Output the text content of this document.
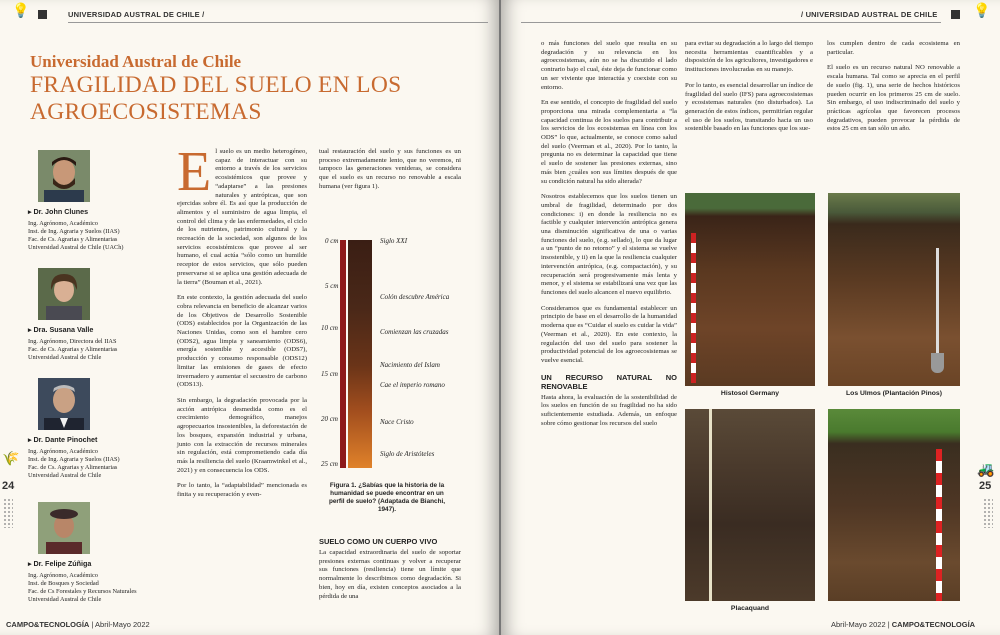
💡	UNIVERSIDAD AUSTRAL DE CHILE /
Universidad Austral de Chile
FRAGILIDAD DEL SUELO EN LOS AGROECOSISTEMAS
▸ Dr. John Clunes
Ing. Agrónomo, Académico
Inst. de Ing. Agraria y Suelos (IIAS)
Fac. de Cs. Agrarias y Alimentarias
Universidad Austral de Chile (UACh)
▸ Dra. Susana Valle
Ing. Agrónomo, Directora del IIAS
Fac. de Cs. Agrarias y Alimentarias
Universidad Austral de Chile
▸ Dr. Dante Pinochet
Ing. Agrónomo, Académico
Inst. de Ing. Agraria y Suelos (IIAS)
Fac. de Cs. Agrarias y Alimentarias
Universidad Austral de Chile
▸ Dr. Felipe Zúñiga
Ing. Agrónomo, Académico
Inst. de Bosques y Sociedad
Fac. de Cs Forestales y Recursos Naturales
Universidad Austral de Chile

El suelo es un medio heterogéneo, capaz de interactuar con su entorno a través de los servicios ecosistémicos que provee y “adaptarse” a las presiones naturales y antrópicas, que son ejercidas sobre él. Es así que la producción de alimentos y el suministro de agua limpia, el control del clima y de las enfermedades, el ciclo de los nutrientes, patrimonio cultural y la recreación de la sociedad, son algunos de los servicios ecosistémicos que provee al ser humano, el cual actúa “sólo como un humilde receptor de estos servicios, que sólo pueden preservarse si se aplica una gestión adecuada de la tierra” (Bouman et al., 2021).

En este contexto, la gestión adecuada del suelo cobra relevancia en beneficio de alcanzar varios de los Objetivos de Desarrollo Sostenible (ODS) establecidos por la Organización de las Naciones Unidas, como son el hambre cero (ODS2), agua limpia y saneamiento (ODS6), energía sostenible y accesible (ODS7), producción y consumo responsable (ODS12) limitar las emisiones de gases de efecto invernadero y aumentar el secuestro de carbono (ODS13).

Sin embargo, la degradación provocada por la acción antrópica desmedida como es el crecimiento demográfico, manejos agropecuarios insostenibles, la deforestación de los bosques, expansión industrial y urbana, junto con la extracción de recursos minerales sin regulación, está comprometiendo cada día más la resiliencia del suelo (Kraamwinkel et al., 2021) y en consecuencia los ODS.

Por lo tanto, la “adaptabilidad” mencionada es finita y su recuperación y even-

tual restauración del suelo y sus funciones es un proceso extremadamente lento, que no veremos, ni tampoco las generaciones venideras, se considera que el suelo es un recurso no renovable a escala humana (ver figura 1).

0 cm
5 cm
10 cm
15 cm
20 cm
25 cm
Siglo XXI
Colón descubre América
Comienzan las cruzadas
Nacimiento del Islam
Cae el imperio romano
Nace Cristo
Siglo de Aristóteles
Figura 1. ¿Sabías que la historia de la humanidad se puede encontrar en un perfil de suelo? (Adaptada de Bianchi, 1947).
SUELO COMO UN CUERPO VIVO

La capacidad extraordinaria del suelo de soportar presiones externas continuas y volver a recuperar sus funciones (resiliencia) tiene un límite que normalmente lo describimos como degradación. Si bien, hoy en día, existen conceptos asociados a la pérdida de una

🌾
24
CAMPO&TECNOLOGÍA | Abril-Mayo 2022
/ UNIVERSIDAD AUSTRAL DE CHILE	💡

o más funciones del suelo que resulta en su degradación y su relevancia en los agroecosistemas, aún no se ha discutido el lado contrario bajo el cual, éste deja de funcionar como un ser viviente que interactúa y coexiste con su entorno.

En ese sentido, el concepto de fragilidad del suelo proporciona una mirada complementaria a “la capacidad continua de los suelos para contribuir a los servicios de los ecosistemas en línea con los ODS” lo que, actualmente, se conoce como salud del suelo (Veerman et al., 2020). Por lo tanto, la pregunta no es determinar la capacidad que tiene el suelo de sostener las presiones externas, sino más bien ¿cuáles son sus límites después de que su condición natural ha sido alterada?

Nosotros establecemos que los suelos tienen un umbral de fragilidad, determinado por dos condiciones: i) en donde la resiliencia no es factible y cualquier intervención antrópica genera una disminución significativa de una o varias funciones del suelo, (e.g. sellado), lo que da lugar a un “punto de no retorno” y el sistema se vuelve insostenible, y ii) en la que la resiliencia cualquier intervención antrópica, (e.g. compactación), y su recuperación será progresivamente más lenta y menor, y el sistema se estabilizará una vez que las funciones del suelo alcancen el nuevo equilibrio.

Consideramos que es fundamental establecer un principio de base en el desarrollo de la humanidad moderna que es “Cuidar el suelo es cuidar la vida” (Veerman et al., 2020). En este contexto, la regulación del uso del suelo para sostener la productividad potencial de los agroecosistemas se vuelve esencial.

UN RECURSO NATURAL NO RENOVABLE

Hasta ahora, la evaluación de la sostenibilidad de los suelos en función de su fragilidad no ha sido suficientemente estudiada. Además, un enfoque sobre cómo gestionar los recursos del suelo

para evitar su degradación a lo largo del tiempo necesita herramientas cuantificables y a disposición de los agricultores, investigadores e instituciones involucradas en su manejo.

Por lo tanto, es esencial desarrollar un índice de fragilidad del suelo (IFS) para agroecosistemas y ecosistemas naturales (no disturbados). La generación de estos índices, permitirían regular el uso de los suelos, transitando hacia un uso sostenible basado en las funciones que los sue-

los cumplen dentro de cada ecosistema en particular.

El suelo es un recurso natural NO renovable a escala humana. Tal como se aprecia en el perfil de suelo (fig. 1), una serie de hechos históricos pueden ocurrir en los primeros 25 cm de suelo. Sin embargo, el uso indiscriminado del suelo y prácticas agrícolas que favorecen procesos degradativos, pueden provocar la pérdida de estos 25 cm en tan sólo un año.

Histosol Germany	Los Ulmos (Plantación Pinos)
Placaquand
🚜
25
Abril-Mayo 2022 | CAMPO&TECNOLOGÍA
